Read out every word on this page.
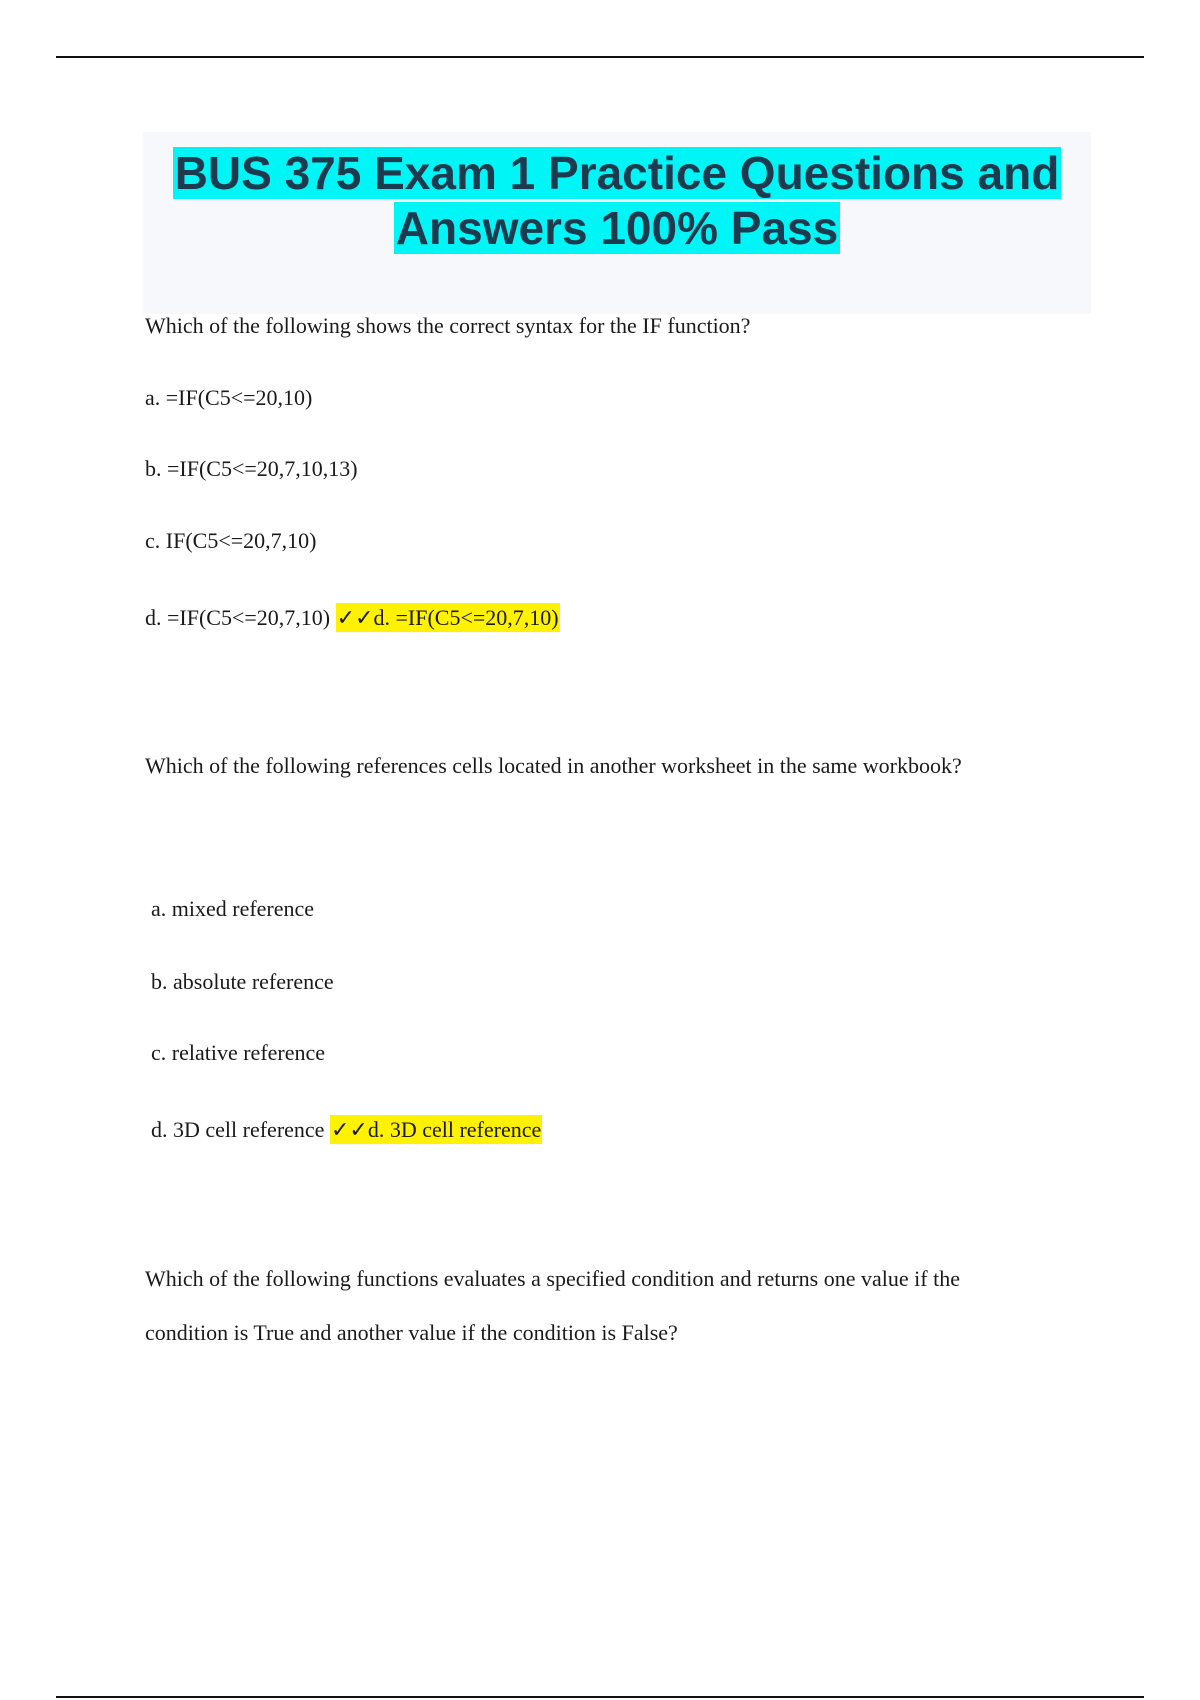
BUS 375 Exam 1 Practice Questions and
Answers 100% Pass
Which of the following shows the correct syntax for the IF function?
a. =IF(C5<=20,10)
b. =IF(C5<=20,7,10,13)
c. IF(C5<=20,7,10)
d. =IF(C5<=20,7,10) ✓✓d. =IF(C5<=20,7,10)
Which of the following references cells located in another worksheet in the same workbook?
a. mixed reference
b. absolute reference
c. relative reference
d. 3D cell reference ✓✓d. 3D cell reference
Which of the following functions evaluates a specified condition and returns one value if the
condition is True and another value if the condition is False?
